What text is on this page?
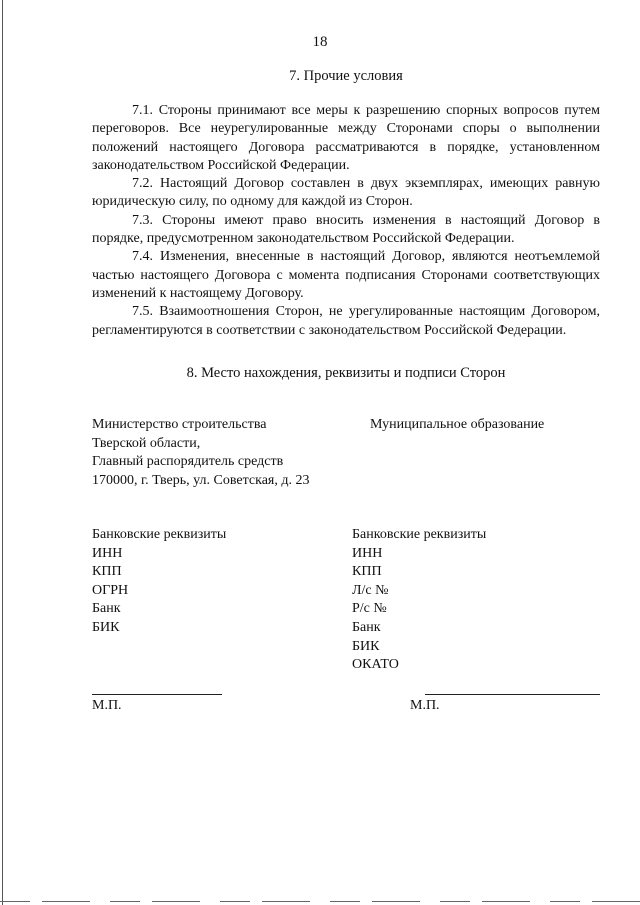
18
7. Прочие условия

7.1. Стороны принимают все меры к разрешению спорных вопросов путем переговоров. Все неурегулированные между Сторонами споры о выполнении положений настоящего Договора рассматриваются в порядке, установленном законодательством Российской Федерации.

7.2. Настоящий Договор составлен в двух экземплярах, имеющих равную юридическую силу, по одному для каждой из Сторон.

7.3. Стороны имеют право вносить изменения в настоящий Договор в порядке, предусмотренном законодательством Российской Федерации.

7.4. Изменения, внесенные в настоящий Договор, являются неотъемлемой частью настоящего Договора с момента подписания Сторонами соответствующих изменений к настоящему Договору.

7.5. Взаимоотношения Сторон, не урегулированные настоящим Договором, регламентируются в соответствии с законодательством Российской Федерации.

8. Место нахождения, реквизиты и подписи Сторон
Министерство строительства
Тверской области,
Главный распорядитель средств
170000, г. Тверь, ул. Советская, д. 23
Муниципальное образование
Банковские реквизиты
ИНН
КПП
ОГРН
Банк
БИК
Банковские реквизиты
ИНН
КПП
Л/с №
Р/с №
Банк
БИК
ОКАТО
М.П.	М.П.
